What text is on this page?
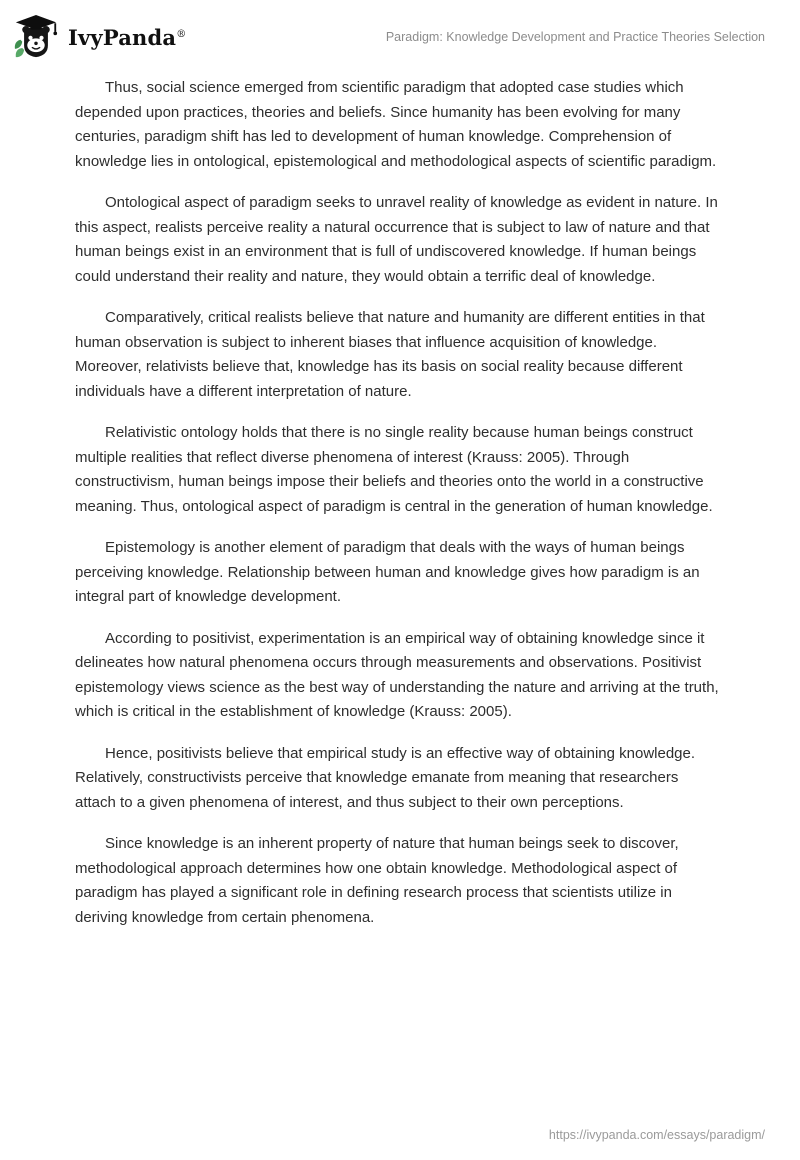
IvyPanda®	Paradigm: Knowledge Development and Practice Theories Selection

Thus, social science emerged from scientific paradigm that adopted case studies which depended upon practices, theories and beliefs. Since humanity has been evolving for many centuries, paradigm shift has led to development of human knowledge. Comprehension of knowledge lies in ontological, epistemological and methodological aspects of scientific paradigm.

Ontological aspect of paradigm seeks to unravel reality of knowledge as evident in nature. In this aspect, realists perceive reality a natural occurrence that is subject to law of nature and that human beings exist in an environment that is full of undiscovered knowledge. If human beings could understand their reality and nature, they would obtain a terrific deal of knowledge.

Comparatively, critical realists believe that nature and humanity are different entities in that human observation is subject to inherent biases that influence acquisition of knowledge. Moreover, relativists believe that, knowledge has its basis on social reality because different individuals have a different interpretation of nature.

Relativistic ontology holds that there is no single reality because human beings construct multiple realities that reflect diverse phenomena of interest (Krauss: 2005). Through constructivism, human beings impose their beliefs and theories onto the world in a constructive meaning. Thus, ontological aspect of paradigm is central in the generation of human knowledge.

Epistemology is another element of paradigm that deals with the ways of human beings perceiving knowledge. Relationship between human and knowledge gives how paradigm is an integral part of knowledge development.

According to positivist, experimentation is an empirical way of obtaining knowledge since it delineates how natural phenomena occurs through measurements and observations. Positivist epistemology views science as the best way of understanding the nature and arriving at the truth, which is critical in the establishment of knowledge (Krauss: 2005).

Hence, positivists believe that empirical study is an effective way of obtaining knowledge. Relatively, constructivists perceive that knowledge emanate from meaning that researchers attach to a given phenomena of interest, and thus subject to their own perceptions.

Since knowledge is an inherent property of nature that human beings seek to discover, methodological approach determines how one obtain knowledge. Methodological aspect of paradigm has played a significant role in defining research process that scientists utilize in deriving knowledge from certain phenomena.

https://ivypanda.com/essays/paradigm/
